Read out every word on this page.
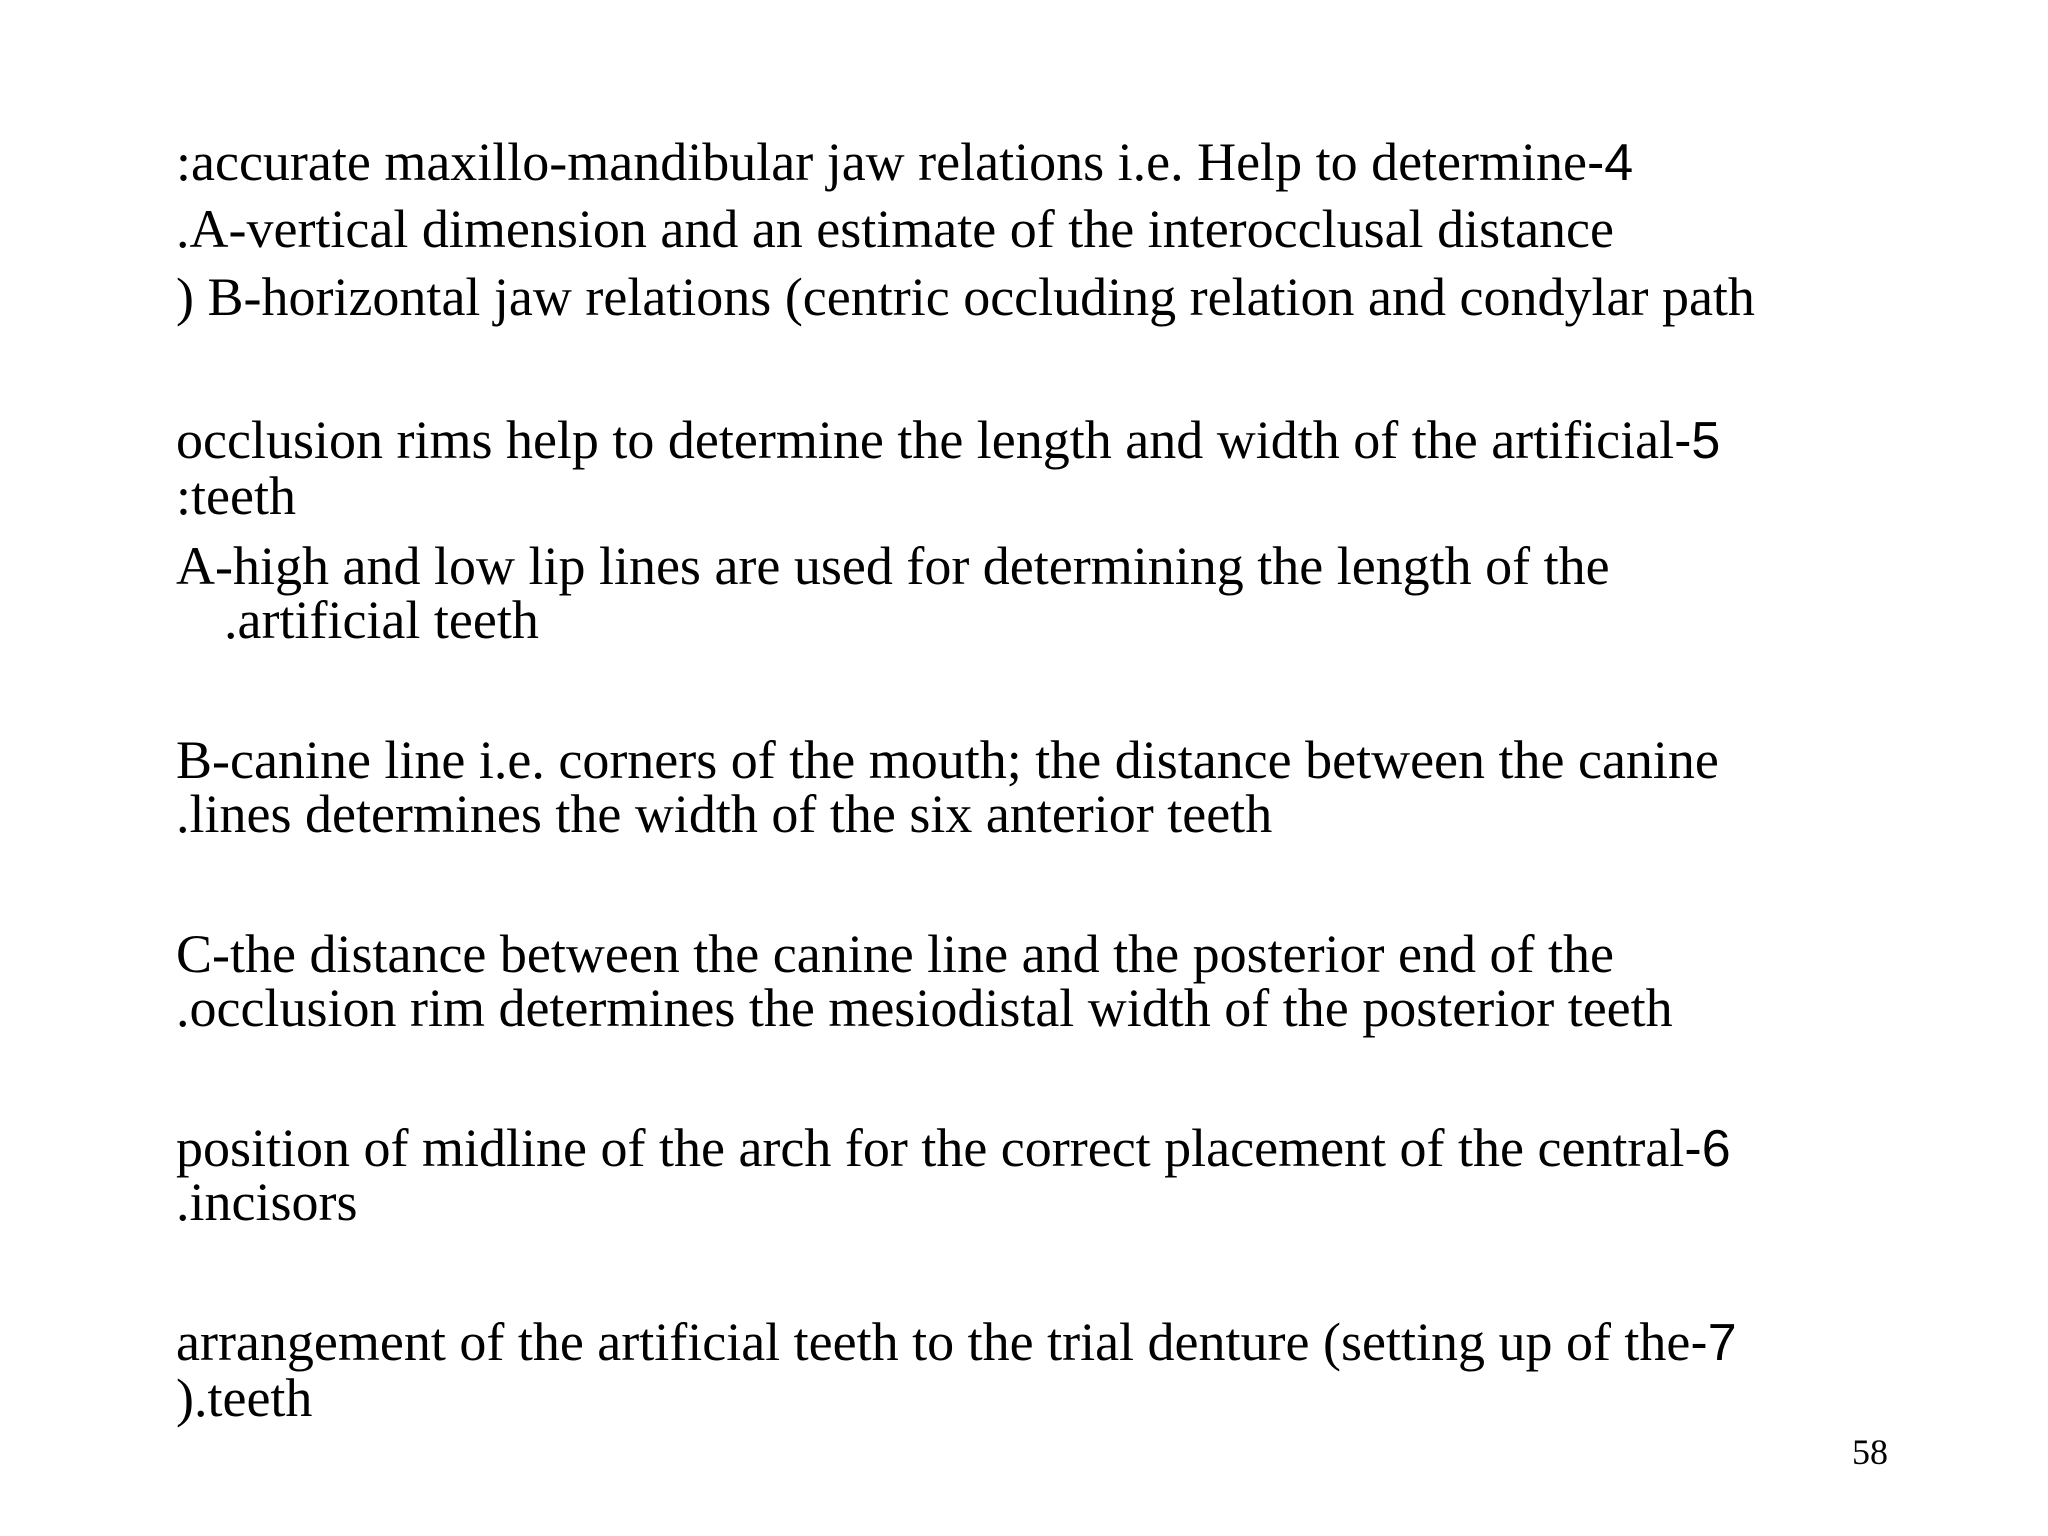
:accurate maxillo-mandibular jaw relations i.e. Help to determine-4
.A-vertical dimension and an estimate of the interocclusal distance
) B-horizontal jaw relations (centric occluding relation and condylar path
occlusion rims help to determine the length and width of the artificial-5
:teeth
A-high and low lip lines are used for determining the length of the
.artificial teeth
B-canine line i.e. corners of the mouth; the distance between the canine
.lines determines the width of the six anterior teeth
C-the distance between the canine line and the posterior end of the
.occlusion rim determines the mesiodistal width of the posterior teeth
position of midline of the arch for the correct placement of the central-6
.incisors
arrangement of the artificial teeth to the trial denture (setting up of the-7
).teeth
58
